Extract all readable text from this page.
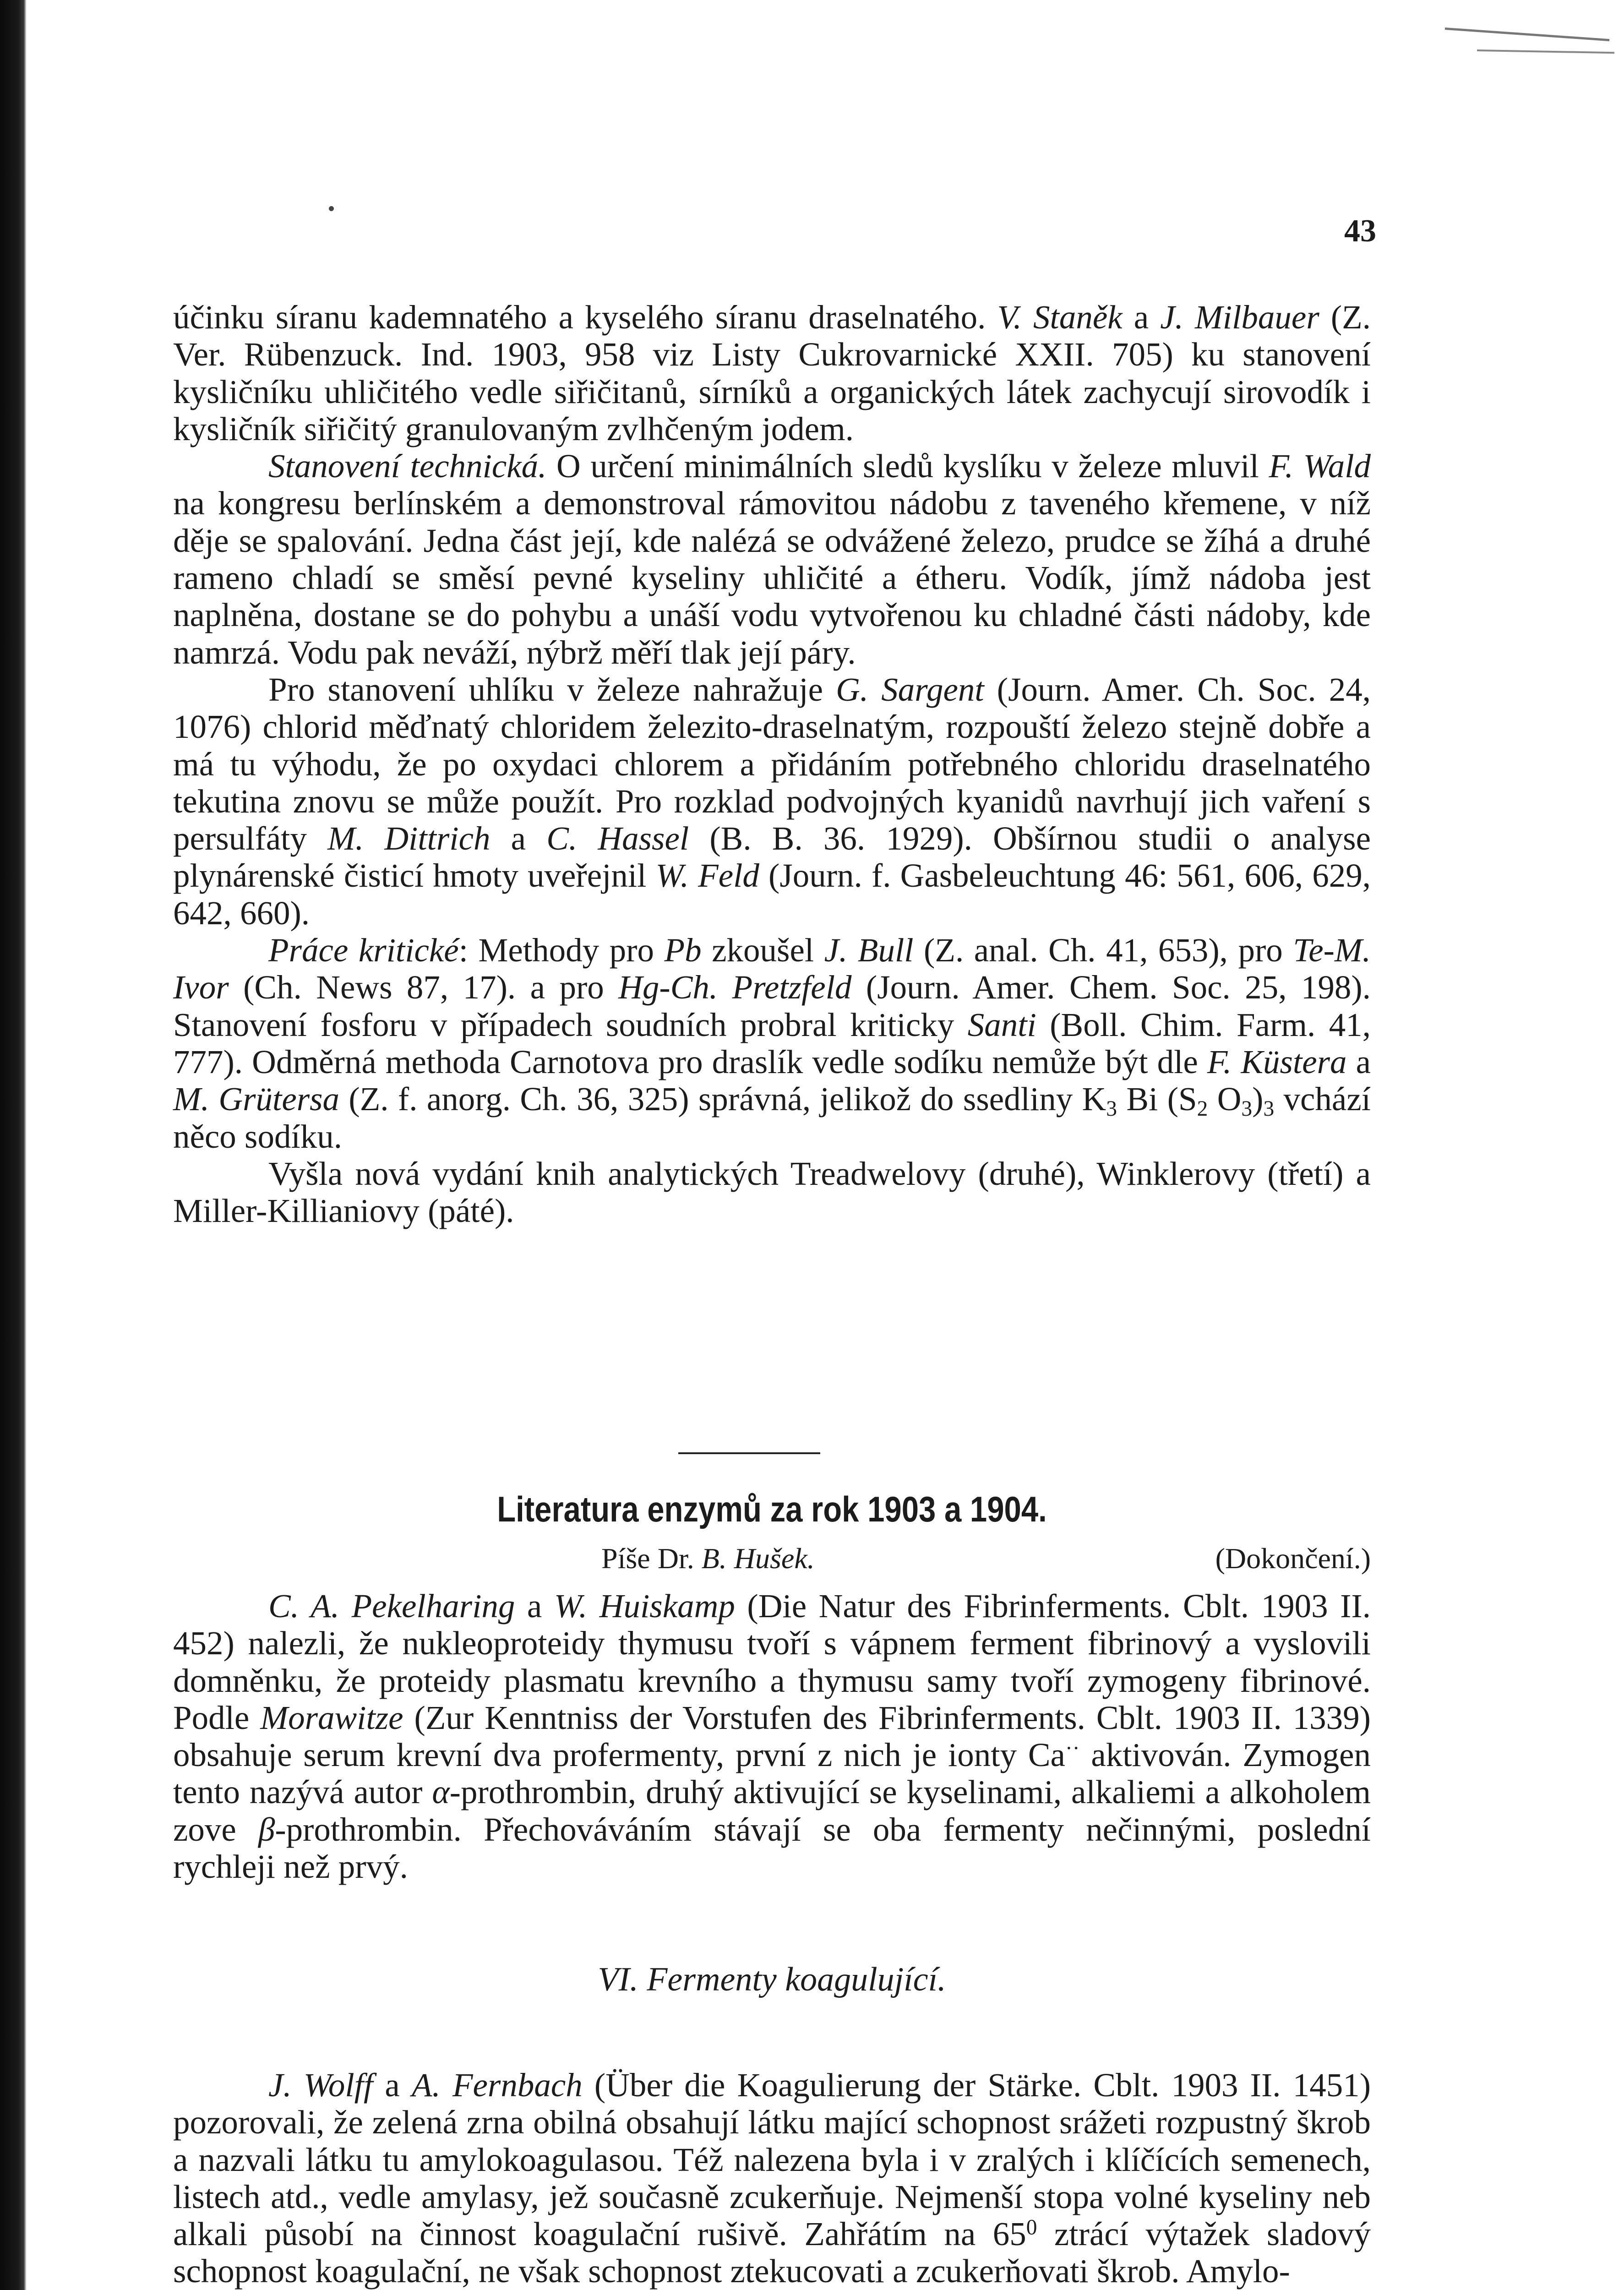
43

účinku síranu kademnatého a kyselého síranu draselnatého. V. Staněk a J. Milbauer (Z. Ver. Rübenzuck. Ind. 1903, 958 viz Listy Cukrovarnické XXII. 705) ku stanovení kysličníku uhličitého vedle siřičitanů, sírníků a organických látek zachycují sirovodík i kysličník siřičitý granulovaným zvlhčeným jodem.

Stanovení technická. O určení minimálních sledů kyslíku v železe mluvil F. Wald na kongresu berlínském a demonstroval rámovitou nádobu z taveného křemene, v níž děje se spalování. Jedna část její, kde nalézá se odvážené železo, prudce se žíhá a druhé rameno chladí se směsí pevné kyseliny uhličité a étheru. Vodík, jímž nádoba jest naplněna, dostane se do pohybu a unáší vodu vytvořenou ku chladné části nádoby, kde namrzá. Vodu pak neváží, nýbrž měří tlak její páry.

Pro stanovení uhlíku v železe nahražuje G. Sargent (Journ. Amer. Ch. Soc. 24, 1076) chlorid měďnatý chloridem železito-draselnatým, rozpouští železo stejně dobře a má tu výhodu, že po oxydaci chlorem a přidáním potřebného chloridu draselnatého tekutina znovu se může použít. Pro rozklad podvojných kyanidů navrhují jich vaření s persulfáty M. Dittrich a C. Hassel (B. B. 36. 1929). Obšírnou studii o analyse plynárenské čisticí hmoty uveřejnil W. Feld (Journ. f. Gasbeleuchtung 46: 561, 606, 629, 642, 660).

Práce kritické: Methody pro Pb zkoušel J. Bull (Z. anal. Ch. 41, 653), pro Te-M. Ivor (Ch. News 87, 17). a pro Hg-Ch. Pretzfeld (Journ. Amer. Chem. Soc. 25, 198). Stanovení fosforu v případech soudních probral kriticky Santi (Boll. Chim. Farm. 41, 777). Odměrná methoda Carnotova pro draslík vedle sodíku nemůže být dle F. Küstera a M. Grütersa (Z. f. anorg. Ch. 36, 325) správná, jelikož do ssedliny $K_3$ Bi ($S_2$ $O_3)_3$ vchází něco sodíku.

Vyšla nová vydání knih analytických Treadwelovy (druhé), Winklerovy (třetí) a Miller-Killianiovy (páté).

Literatura enzymů za rok 1903 a 1904.
Píše Dr. B. Hušek.	(Dokončení.)

C. A. Pekelharing a W. Huiskamp (Die Natur des Fibrinferments. Cblt. 1903 II. 452) nalezli, že nukleoproteidy thymusu tvoří s vápnem ferment fibrinový a vyslovili domněnku, že proteidy plasmatu krevního a thymusu samy tvoří zymogeny fibrinové. Podle Morawitze (Zur Kenntniss der Vorstufen des Fibrinferments. Cblt. 1903 II. 1339) obsahuje serum krevní dva profermenty, první z nich je ionty Ca·· aktivován. Zymogen tento nazývá autor α-prothrombin, druhý aktivující se kyselinami, alkaliemi a alkoholem zove β-prothrombin. Přechováváním stávají se oba fermenty nečinnými, poslední rychleji než prvý.

VI. Fermenty koagulující.

J. Wolff a A. Fernbach (Über die Koagulierung der Stärke. Cblt. 1903 II. 1451) pozorovali, že zelená zrna obilná obsahují látku mající schopnost srážeti rozpustný škrob a nazvali látku tu amylokoagulasou. Též nalezena byla i v zralých i klíčících semenech, listech atd., vedle amylasy, jež současně zcukerňuje. Nejmenší stopa volné kyseliny neb alkali působí na činnost koagulační rušivě. Zahřátím na $65^0$ ztrácí výtažek sladový schopnost koagulační, ne však schopnost ztekucovati a zcukerňovati škrob. Amylo-
